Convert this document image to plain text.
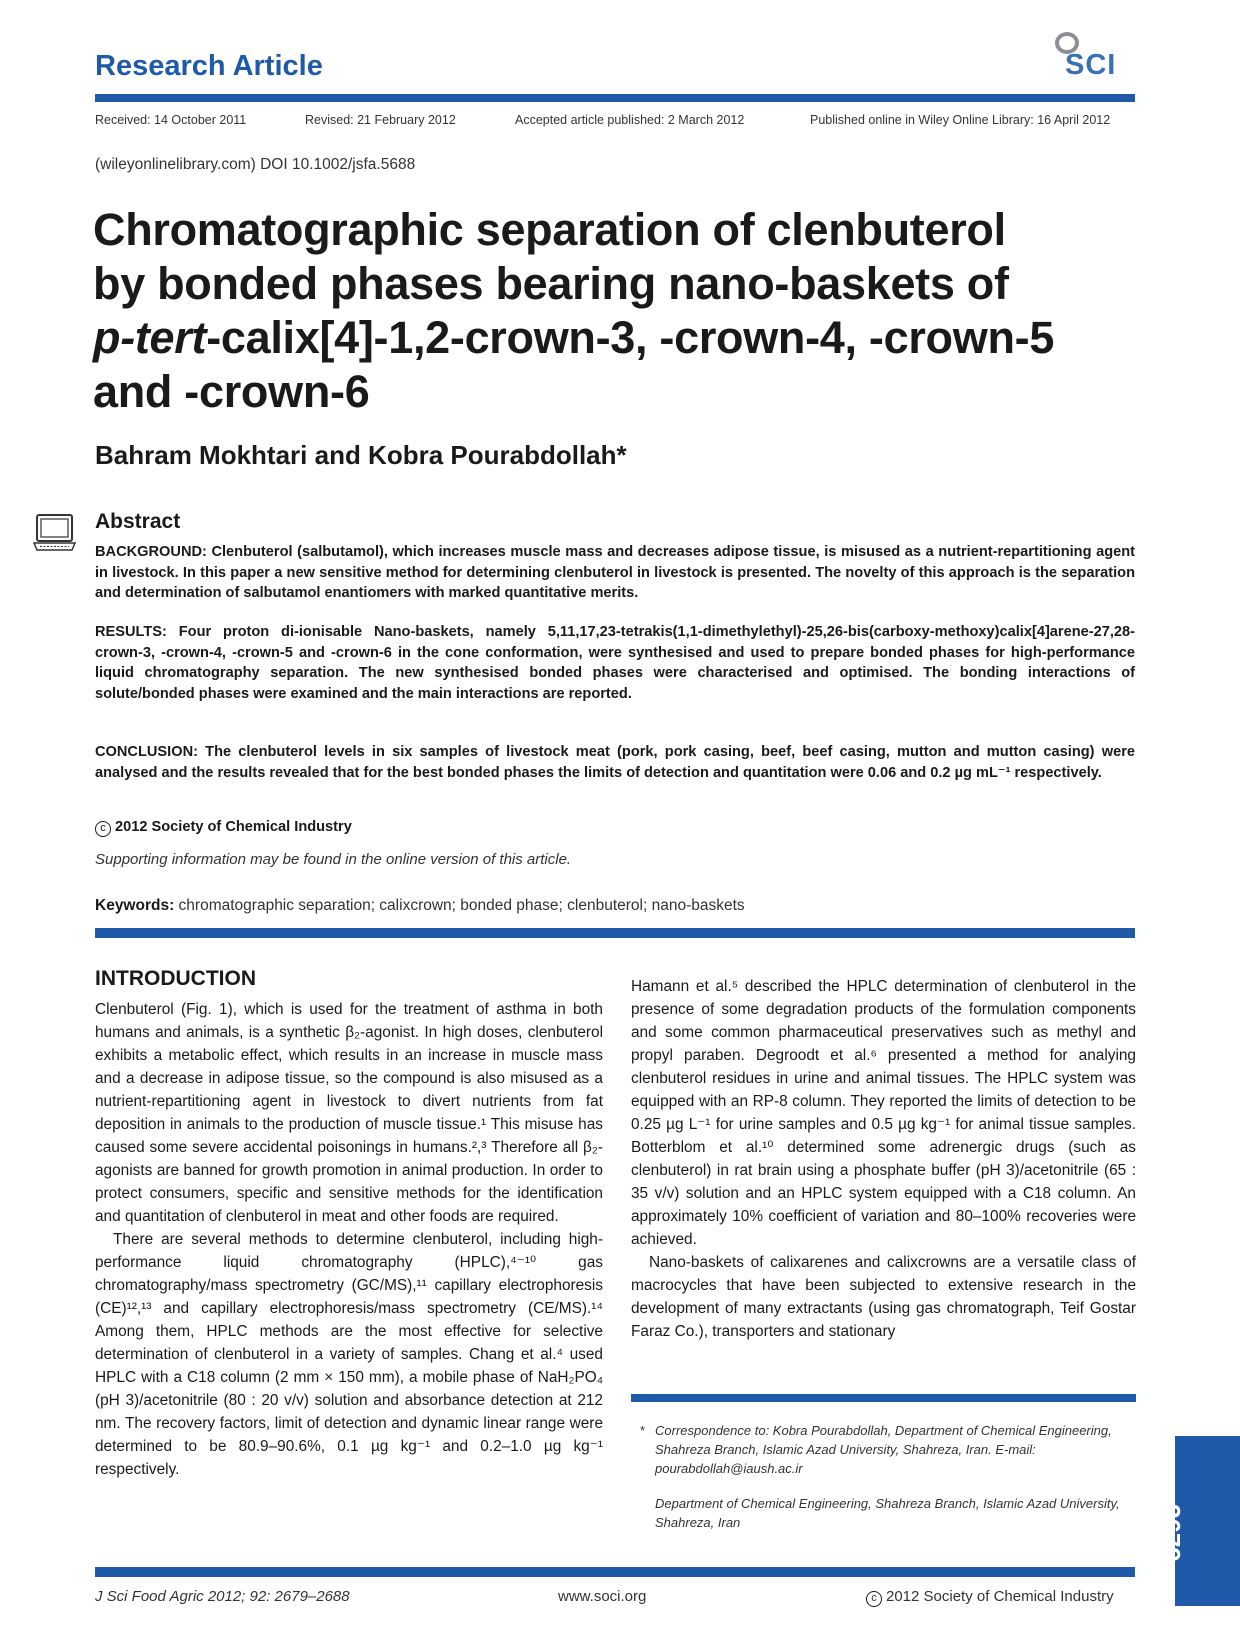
Research Article	SCI
Received: 14 October 2011	Revised: 21 February 2012	Accepted article published: 2 March 2012	Published online in Wiley Online Library: 16 April 2012
(wileyonlinelibrary.com) DOI 10.1002/jsfa.5688
Chromatographic separation of clenbuterol
by bonded phases bearing nano-baskets of
p-tert-calix[4]-1,2-crown-3, -crown-4, -crown-5
and -crown-6
Bahram Mokhtari and Kobra Pourabdollah*
Abstract
BACKGROUND: Clenbuterol (salbutamol), which increases muscle mass and decreases adipose tissue, is misused as a nutrient-repartitioning agent in livestock. In this paper a new sensitive method for determining clenbuterol in livestock is presented. The novelty of this approach is the separation and determination of salbutamol enantiomers with marked quantitative merits.
RESULTS: Four proton di-ionisable Nano-baskets, namely 5,11,17,23-tetrakis(1,1-dimethylethyl)-25,26-bis(carboxy-methoxy)calix[4]arene-27,28-crown-3, -crown-4, -crown-5 and -crown-6 in the cone conformation, were synthesised and used to prepare bonded phases for high-performance liquid chromatography separation. The new synthesised bonded phases were characterised and optimised. The bonding interactions of solute/bonded phases were examined and the main interactions are reported.
CONCLUSION: The clenbuterol levels in six samples of livestock meat (pork, pork casing, beef, beef casing, mutton and mutton casing) were analysed and the results revealed that for the best bonded phases the limits of detection and quantitation were 0.06 and 0.2 µg mL⁻¹ respectively.
c 2012 Society of Chemical Industry
Supporting information may be found in the online version of this article.
Keywords: chromatographic separation; calixcrown; bonded phase; clenbuterol; nano-baskets
INTRODUCTION

Clenbuterol (Fig. 1), which is used for the treatment of asthma in both humans and animals, is a synthetic β₂-agonist. In high doses, clenbuterol exhibits a metabolic effect, which results in an increase in muscle mass and a decrease in adipose tissue, so the compound is also misused as a nutrient-repartitioning agent in livestock to divert nutrients from fat deposition in animals to the production of muscle tissue.¹ This misuse has caused some severe accidental poisonings in humans.²,³ Therefore all β₂-agonists are banned for growth promotion in animal production. In order to protect consumers, specific and sensitive methods for the identification and quantitation of clenbuterol in meat and other foods are required.

There are several methods to determine clenbuterol, including high-performance liquid chromatography (HPLC),⁴⁻¹⁰ gas chromatography/mass spectrometry (GC/MS),¹¹ capillary electrophoresis (CE)¹²,¹³ and capillary electrophoresis/mass spectrometry (CE/MS).¹⁴ Among them, HPLC methods are the most effective for selective determination of clenbuterol in a variety of samples. Chang et al.⁴ used HPLC with a C18 column (2 mm × 150 mm), a mobile phase of NaH₂PO₄ (pH 3)/acetonitrile (80 : 20 v/v) solution and absorbance detection at 212 nm. The recovery factors, limit of detection and dynamic linear range were determined to be 80.9–90.6%, 0.1 µg kg⁻¹ and 0.2–1.0 µg kg⁻¹ respectively.

Hamann et al.⁵ described the HPLC determination of clenbuterol in the presence of some degradation products of the formulation components and some common pharmaceutical preservatives such as methyl and propyl paraben. Degroodt et al.⁶ presented a method for analying clenbuterol residues in urine and animal tissues. The HPLC system was equipped with an RP-8 column. They reported the limits of detection to be 0.25 µg L⁻¹ for urine samples and 0.5 µg kg⁻¹ for animal tissue samples. Botterblom et al.¹⁰ determined some adrenergic drugs (such as clenbuterol) in rat brain using a phosphate buffer (pH 3)/acetonitrile (65 : 35 v/v) solution and an HPLC system equipped with a C18 column. An approximately 10% coefficient of variation and 80–100% recoveries were achieved.

Nano-baskets of calixarenes and calixcrowns are a versatile class of macrocycles that have been subjected to extensive research in the development of many extractants (using gas chromatograph, Teif Gostar Faraz Co.), transporters and stationary

* Correspondence to: Kobra Pourabdollah, Department of Chemical Engineering, Shahreza Branch, Islamic Azad University, Shahreza, Iran. E-mail: pourabdollah@iaush.ac.ir
Department of Chemical Engineering, Shahreza Branch, Islamic Azad University, Shahreza, Iran	2679
J Sci Food Agric 2012; 92: 2679–2688	www.soci.org	c 2012 Society of Chemical Industry
